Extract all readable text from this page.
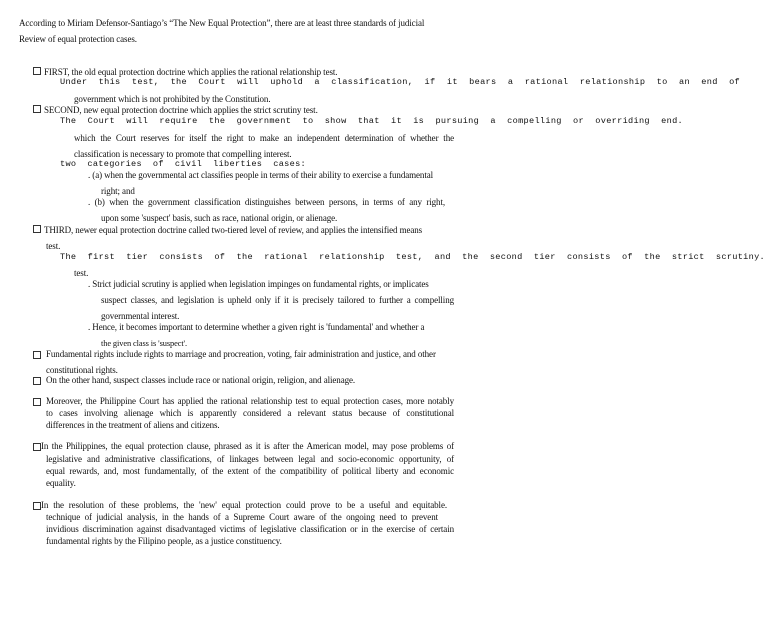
According to Miriam Defensor-Santiago’s “The New Equal Protection”, there are at least three standards of judicial
Review of equal protection cases.
FIRST, the old equal protection doctrine which applies the rational relationship test.
Under this test, the Court will uphold a classification, if it bears a rational relationship to an end of
government which is not prohibited by the Constitution.
SECOND, new equal protection doctrine which applies the strict scrutiny test.
The Court will require the government to show that it is pursuing a compelling or overriding end.
which the Court reserves for itself the right to make an independent determination of whether the
classification is necessary to promote that compelling interest.
two categories of civil liberties cases:
. (a) when the governmental act classifies people in terms of their ability to exercise a fundamental
right; and
. (b) when the government classification distinguishes between persons, in terms of any right,
upon some 'suspect' basis, such as race, national origin, or alienage.
THIRD, newer equal protection doctrine called two-tiered level of review, and applies the intensified means
test.
The first tier consists of the rational relationship test, and the second tier consists of the strict scrutiny.
test.
. Strict judicial scrutiny is applied when legislation impinges on fundamental rights, or implicates
suspect classes, and legislation is upheld only if it is precisely tailored to further a compelling
governmental interest.
. Hence, it becomes important to determine whether a given right is 'fundamental' and whether a
the given class is 'suspect'.
Fundamental rights include rights to marriage and procreation, voting, fair administration and justice, and other
constitutional rights.
On the other hand, suspect classes include race or national origin, religion, and alienage.
Moreover, the Philippine Court has applied the rational relationship test to equal protection cases, more notably
to cases involving alienage which is apparently considered a relevant status because of constitutional
differences in the treatment of aliens and citizens.
In the Philippines, the equal protection clause, phrased as it is after the American model, may pose problems of
legislative and administrative classifications, of linkages between legal and socio-economic opportunity, of
equal rewards, and, most fundamentally, of the extent of the compatibility of political liberty and economic
equality.
In the resolution of these problems, the 'new' equal protection could prove to be a useful and equitable.
technique of judicial analysis, in the hands of a Supreme Court aware of the ongoing need to prevent
invidious discrimination against disadvantaged victims of legislative classification or in the exercise of certain
fundamental rights by the Filipino people, as a justice constituency.
